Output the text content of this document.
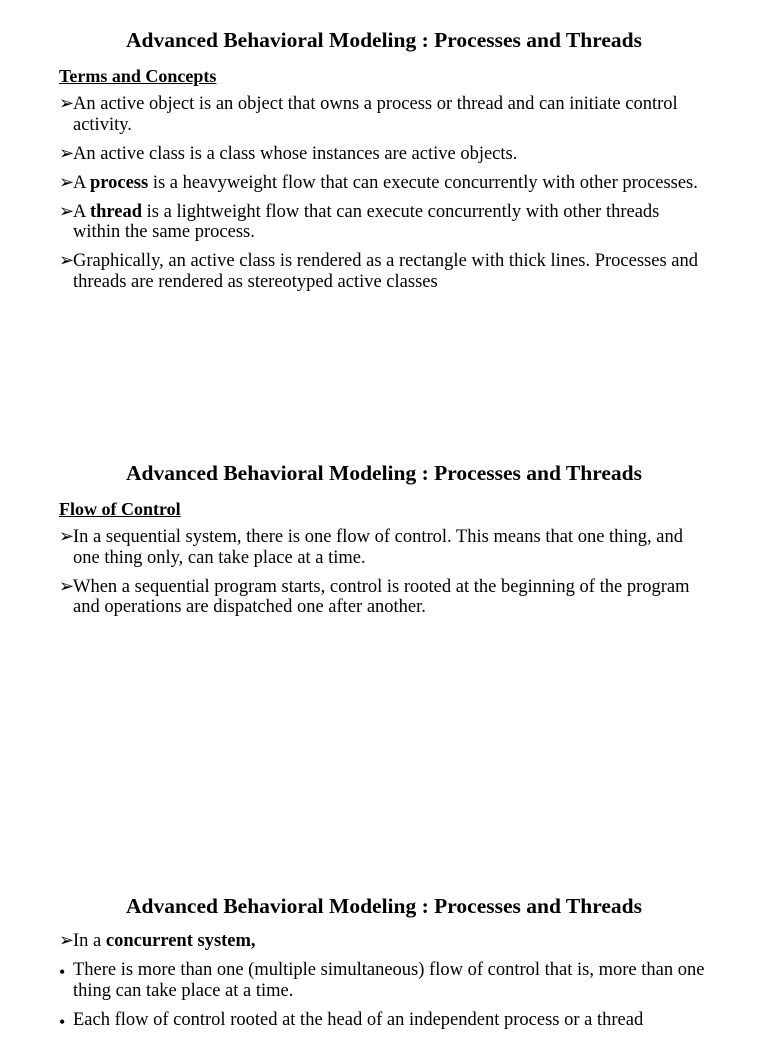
Advanced Behavioral Modeling : Processes and Threads
Terms and Concepts
➢
An active object is an object that owns a process or thread and can initiate control activity.
➢
An active class is a class whose instances are active objects.
➢
A process is a heavyweight flow that can execute concurrently with other processes.
➢
A thread is a lightweight flow that can execute concurrently with other threads within the same process.
➢
Graphically, an active class is rendered as a rectangle with thick lines. Processes and threads are rendered as stereotyped active classes
Advanced Behavioral Modeling : Processes and Threads
Flow of Control
➢
In a sequential system, there is one flow of control. This means that one thing, and one thing only, can take place at a time.
➢
When a sequential program starts, control is rooted at the beginning of the program and operations are dispatched one after another.
Advanced Behavioral Modeling : Processes and Threads
➢
In a concurrent system,
• There is more than one (multiple simultaneous) flow of control that is, more than one thing can take place at a time.
• Each flow of control rooted at the head of an independent process or a thread
